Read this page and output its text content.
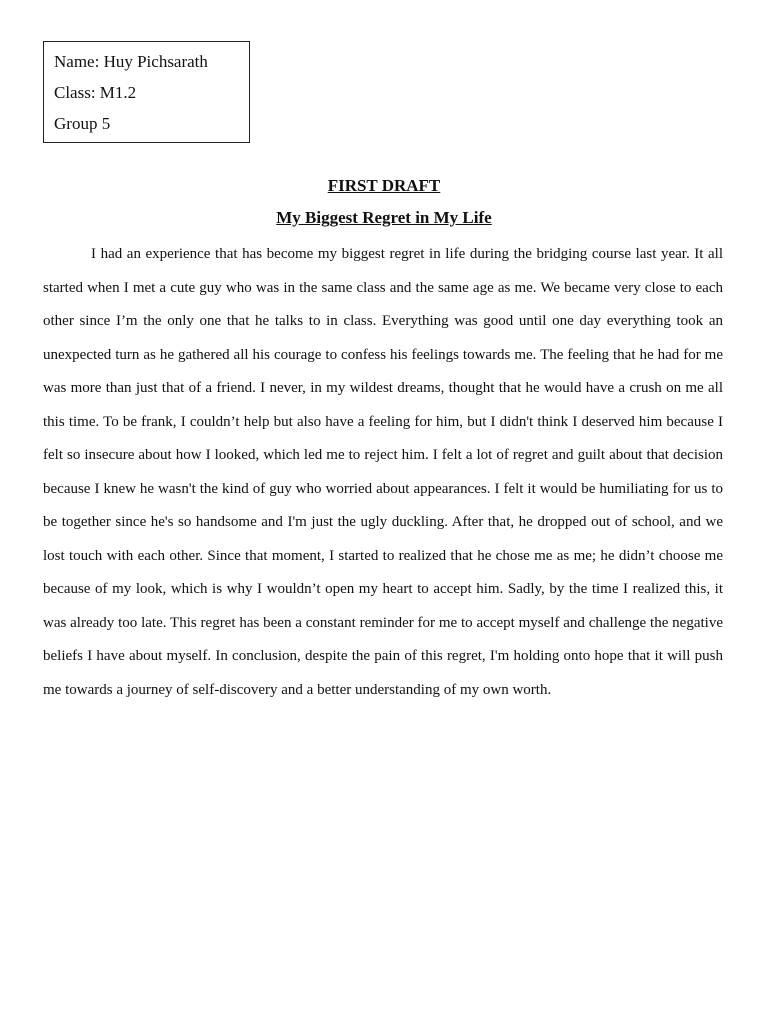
Name: Huy Pichsarath
Class: M1.2
Group 5
FIRST DRAFT
My Biggest Regret in My Life

I had an experience that has become my biggest regret in life during the bridging course last year. It all started when I met a cute guy who was in the same class and the same age as me. We became very close to each other since I’m the only one that he talks to in class. Everything was good until one day everything took an unexpected turn as he gathered all his courage to confess his feelings towards me. The feeling that he had for me was more than just that of a friend. I never, in my wildest dreams, thought that he would have a crush on me all this time. To be frank, I couldn’t help but also have a feeling for him, but I didn't think I deserved him because I felt so insecure about how I looked, which led me to reject him. I felt a lot of regret and guilt about that decision because I knew he wasn't the kind of guy who worried about appearances. I felt it would be humiliating for us to be together since he's so handsome and I'm just the ugly duckling. After that, he dropped out of school, and we lost touch with each other. Since that moment, I started to realized that he chose me as me; he didn’t choose me because of my look, which is why I wouldn’t open my heart to accept him. Sadly, by the time I realized this, it was already too late. This regret has been a constant reminder for me to accept myself and challenge the negative beliefs I have about myself. In conclusion, despite the pain of this regret, I'm holding onto hope that it will push me towards a journey of self-discovery and a better understanding of my own worth.
